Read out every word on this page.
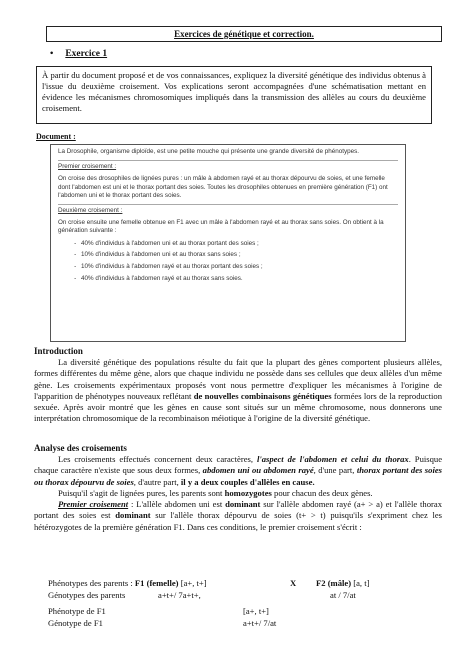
Exercices de génétique et correction.
• Exercice 1
À partir du document proposé et de vos connaissances, expliquez la diversité génétique des individus obtenus à l'issue du deuxième croisement. Vos explications seront accompagnées d'une schématisation mettant en évidence les mécanismes chromosomiques impliqués dans la transmission des allèles au cours du deuxième croisement.
Document :

La Drosophile, organisme diploïde, est une petite mouche qui présente une grande diversité de phénotypes.

Premier croisement :

On croise des drosophiles de lignées pures : un mâle à abdomen rayé et au thorax dépourvu de soies, et une femelle dont l'abdomen est uni et le thorax portant des soies. Toutes les drosophiles obtenues en première génération (F1) ont l'abdomen uni et le thorax portant des soies.

Deuxième croisement :

On croise ensuite une femelle obtenue en F1 avec un mâle à l'abdomen rayé et au thorax sans soies. On obtient à la génération suivante :

- 40% d'individus à l'abdomen uni et au thorax portant des soies ;
- 10% d'individus à l'abdomen uni et au thorax sans soies ;
- 10% d'individus à l'abdomen rayé et au thorax portant des soies ;
- 40% d'individus à l'abdomen rayé et au thorax sans soies.
Introduction

La diversité génétique des populations résulte du fait que la plupart des gènes comportent plusieurs allèles, formes différentes du même gène, alors que chaque individu ne possède dans ses cellules que deux allèles d'un même gène. Les croisements expérimentaux proposés vont nous permettre d'expliquer les mécanismes à l'origine de l'apparition de phénotypes nouveaux reflétant de nouvelles combinaisons génétiques formées lors de la reproduction sexuée. Après avoir montré que les gènes en cause sont situés sur un même chromosome, nous donnerons une interprétation chromosomique de la recombinaison méiotique à l'origine de la diversité génétique.

Analyse des croisements

Les croisements effectués concernent deux caractères, l'aspect de l'abdomen et celui du thorax. Puisque chaque caractère n'existe que sous deux formes, abdomen uni ou abdomen rayé, d'une part, thorax portant des soies ou thorax dépourvu de soies, d'autre part, il y a deux couples d'allèles en cause.

Puisqu'il s'agit de lignées pures, les parents sont homozygotes pour chacun des deux gènes.

Premier croisement : L'allèle abdomen uni est dominant sur l'allèle abdomen rayé (a+ > a) et l'allèle thorax portant des soies est dominant sur l'allèle thorax dépourvu de soies (t+ > t) puisqu'ils s'expriment chez les hétérozygotes de la première génération F1. Dans ces conditions, le premier croisement s'écrit :

Phénotypes des parents : F1 (femelle) [a+, t+]	X F2 (mâle) [a, t]
Génotypes des parents	a+t+/ 7a+t+,	at / 7/at
Phénotype de F1	[a+, t+]
Génotype de F1	a+t+/ 7/at
